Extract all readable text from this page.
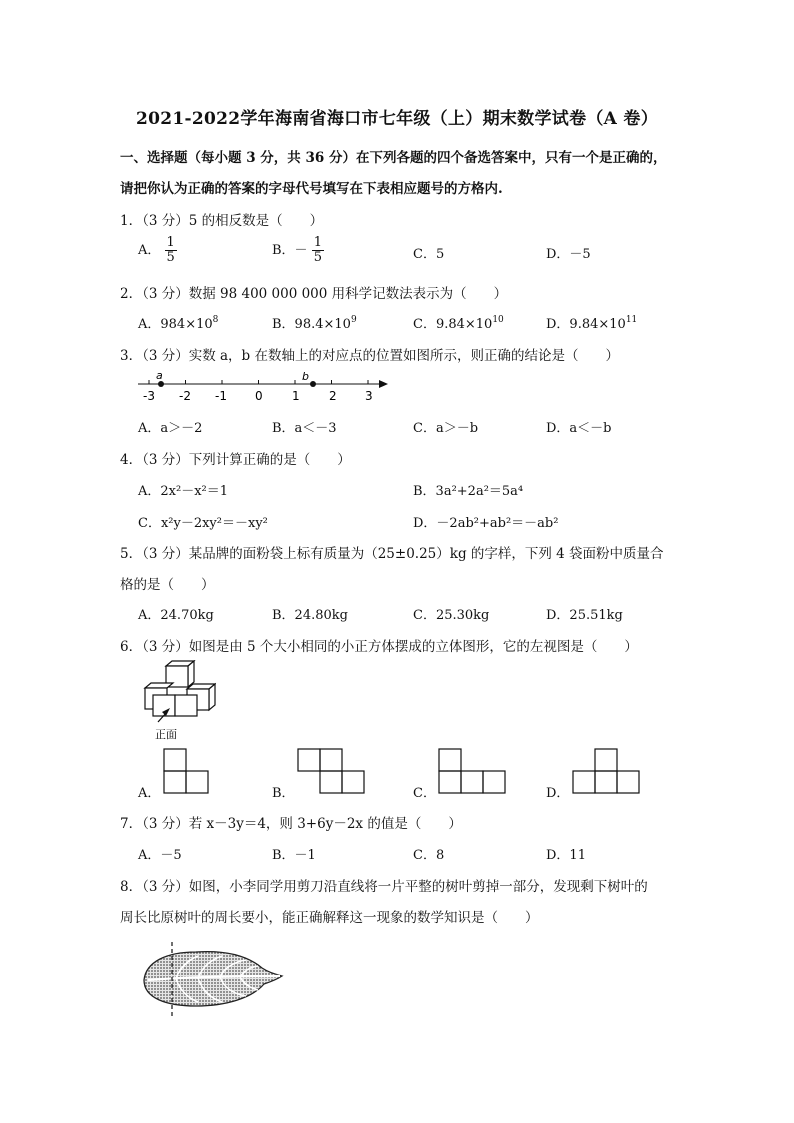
2021-2022学年海南省海口市七年级（上）期末数学试卷（A 卷）
一、选择题（每小题 3 分，共 36 分）在下列各题的四个备选答案中，只有一个是正确的，
请把你认为正确的答案的字母代号填写在下表相应题号的方格内.
1．（3 分）5 的相反数是（　　）
A． $\frac{1}{5}$	B．－ $\frac{1}{5}$	C．5	D．－5
2．（3 分）数据 98 400 000 000 用科学记数法表示为（　　）
A．$984\times 10^8$	B．$98.4\times 10^9$	C．$9.84\times 10^{10}$	D．$9.84\times 10^{11}$
3．（3 分）实数 a，b 在数轴上的对应点的位置如图所示，则正确的结论是（　　）
a	b
-3 -2 -1 0 1 2 3
A．a＞－2	B．a＜－3	C．a＞－b	D．a＜－b
4．（3 分）下列计算正确的是（　　）
A．2x²－x²＝1	B．3a²+2a²＝5a⁴
C．x²y－2xy²＝－xy²	D．－2ab²+ab²＝－ab²
5．（3 分）某品牌的面粉袋上标有质量为（25±0.25）kg 的字样，下列 4 袋面粉中质量合
格的是（　　）
A．24.70kg	B．24.80kg	C．25.30kg	D．25.51kg
6．（3 分）如图是由 5 个大小相同的小正方体摆成的立体图形，它的左视图是（　　）
正面
A．	B．	C．	D．
7．（3 分）若 x－3y＝4，则 3+6y－2x 的值是（　　）
A．－5	B．－1	C．8	D．11
8．（3 分）如图，小李同学用剪刀沿直线将一片平整的树叶剪掉一部分，发现剩下树叶的
周长比原树叶的周长要小，能正确解释这一现象的数学知识是（　　）
